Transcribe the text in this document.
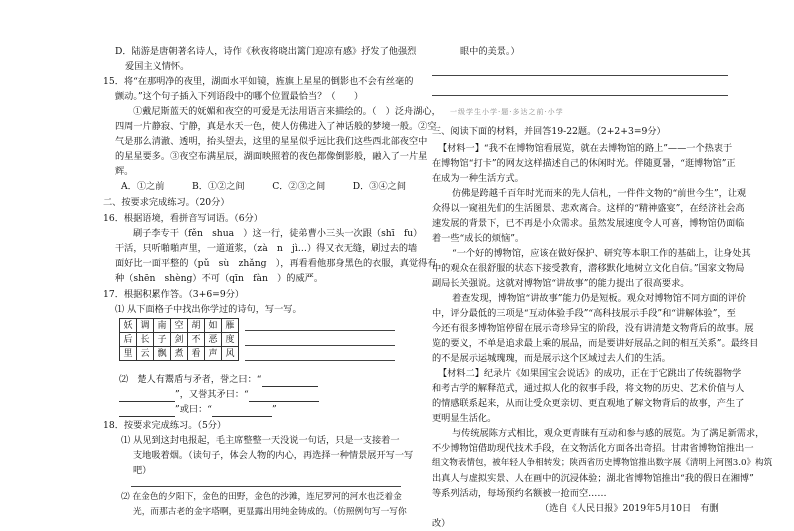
D．陆游是唐朝著名诗人，诗作《秋夜将晓出篱门迎凉有感》抒发了他强烈
爱国主义情怀。
15．将“在那明净的夜里，湖面水平如镜，旌旗上星星的倒影也不会有丝毫的
颤动。”这个句子插入下列语段中的哪个位置最恰当？（　　）
①戴尼斯蓝天的妩媚和夜空的可爱是无法用语言来描绘的。（　）泛舟湖心，
四周一片静寂、宁静，真是水天一色，使人仿佛进入了神话般的梦境一般。②空
气是那么清澈、透明，抬头望去，这里的星星似乎远比我们这些西北部夜空中
的星星要多。③夜空布满星辰，湖面映照着的夜色都像倒影般，融入了一片星
辉。
A．①之前　　　B．①②之间　　　C．②③之间　　　D．③④之间
二、按要求完成练习。（20分）
16．根据语境，看拼音写词语。（6分）
刷子李专干（fěn　shua　）这一行，徒弟曹小三头一次跟（shī　fu）
干活，只听啪啪声里，一道道浆，（zà　n　jì…）得又衣无缝，刷过去的墙
面好比一面平整的（pǔ　sù　zhǎng　），再看看他那身黑色的衣服，真觉得有
种（shēn　shèng）不可（qīn　fàn　）的威严。
17．根据积累作答。（3+6=9分）
⑴ 从下面格子中找出你学过的诗句，写一写。
妖	调	南	空	胡	如	雁
后	长	子	剑	不	恶	度
里	云	飘	煮	看	声	风
⑵　楚人有鬻盾与矛者，誉之曰：“
”，又誉其矛曰：“
”或曰：“	”
18．按要求完成练习。（5分）
⑴ 从见到这封电报起，毛主席整整一天没说一句话，只是一支接着一
支地吸着烟。（读句子，体会人物的内心，再选择一种情景展开写一写
吧）
⑵ 在金色的夕阳下，金色的田野，金色的沙滩，连尼罗河的河水也泛着金
光，而那古老的金字塔啊，更显露出用纯金铸成的。（仿照例句写一写你
眼中的美景。）
一级学生小学·题·多达之前·小学
三、阅读下面的材料，并回答19-22题。（2+2+3=9分）
【材料一】“我不在博物馆看展览，就在去博物馆的路上”——一个热衷于
在博物馆“打卡”的网友这样描述自己的休闲时光。伴随夏暑，“逛博物馆”正
在成为一种生活方式。
仿佛是跨越千百年时光而来的先人信札，一件件文物的“前世今生”，让观
众得以一窥祖先们的生活图景、悲欢离合。这样的“精神盛宴”，在经济社会高
速发展的背景下，已不再是小众需求。虽然发展速度令人可喜，博物馆仍面临
着一些“成长的烦恼”。
“一个好的博物馆，应该在做好保护、研究等本职工作的基础上，让身处其
中的观众在很舒服的状态下接受教育，潜移默化地树立文化自信。”国家文物局
副局长关强说。这就对博物馆“讲故事”的能力提出了很高要求。
着查发现，博物馆“讲故事”能力仍是短板。观众对博物馆不同方面的评价
中，评分最低的三项是“互动体验手段”“高科技展示手段”和“讲解体验”，至
今还有很多博物馆停留在展示奇珍异宝的阶段，没有讲清楚文物背后的故事。展
览的要义，不单是追求最上乘的展品，而是要讲好展品之间的相互关系”。最终目
的不是展示运城瑰瑰，而是展示这个区域过去人们的生活。
【材料二】纪录片《如果国宝会说话》的成功，正在于它跳出了传统器物学
和考古学的解释范式，通过拟人化的叙事手段，将文物的历史、艺术价值与人
的情感联系起来，从而让受众更亲切、更直观地了解文物背后的故事，产生了
更明显生活化。
与传统展陈方式相比，观众更青睐有互动和参与感的展览。为了满足新需求，
不少博物馆借助现代技术手段，在文物活化方面各出奇招。甘肃省博物馆推出一
组文物表情包，被年轻人争相转发；陕西省历史博物馆推出数字展《清明上河图3.0》构筑
出真人与虚拟实景、人在画中的沉浸体验；湖北省博物馆推出“我的假日在湘博”
等系列活动，每场预约名额被一抢而空……
（选自《人民日报》2019年5月10日　有删
改）
